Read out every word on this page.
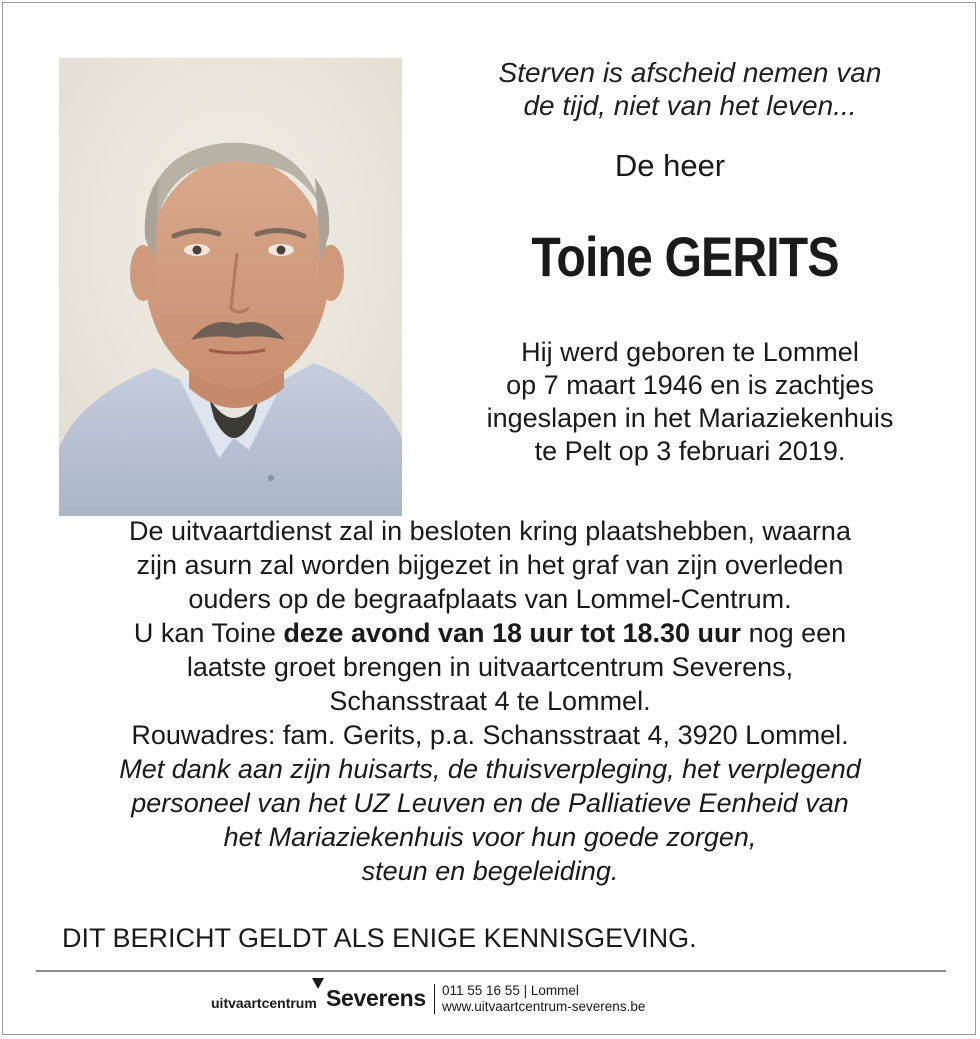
Sterven is afscheid nemen van
de tijd, niet van het leven...
De heer
Toine GERITS
Hij werd geboren te Lommel
op 7 maart 1946 en is zachtjes
ingeslapen in het Mariaziekenhuis
te Pelt op 3 februari 2019.
De uitvaartdienst zal in besloten kring plaatshebben, waarna
zijn asurn zal worden bijgezet in het graf van zijn overleden
ouders op de begraafplaats van Lommel-Centrum.
U kan Toine deze avond van 18 uur tot 18.30 uur nog een
laatste groet brengen in uitvaartcentrum Severens,
Schansstraat 4 te Lommel.
Rouwadres: fam. Gerits, p.a. Schansstraat 4, 3920 Lommel.
Met dank aan zijn huisarts, de thuisverpleging, het verplegend
personeel van het UZ Leuven en de Palliatieve Eenheid van
het Mariaziekenhuis voor hun goede zorgen,
steun en begeleiding.
DIT BERICHT GELDT ALS ENIGE KENNISGEVING.
uitvaartcentrum Severens 011 55 16 55 | Lommel
www.uitvaartcentrum-severens.be
